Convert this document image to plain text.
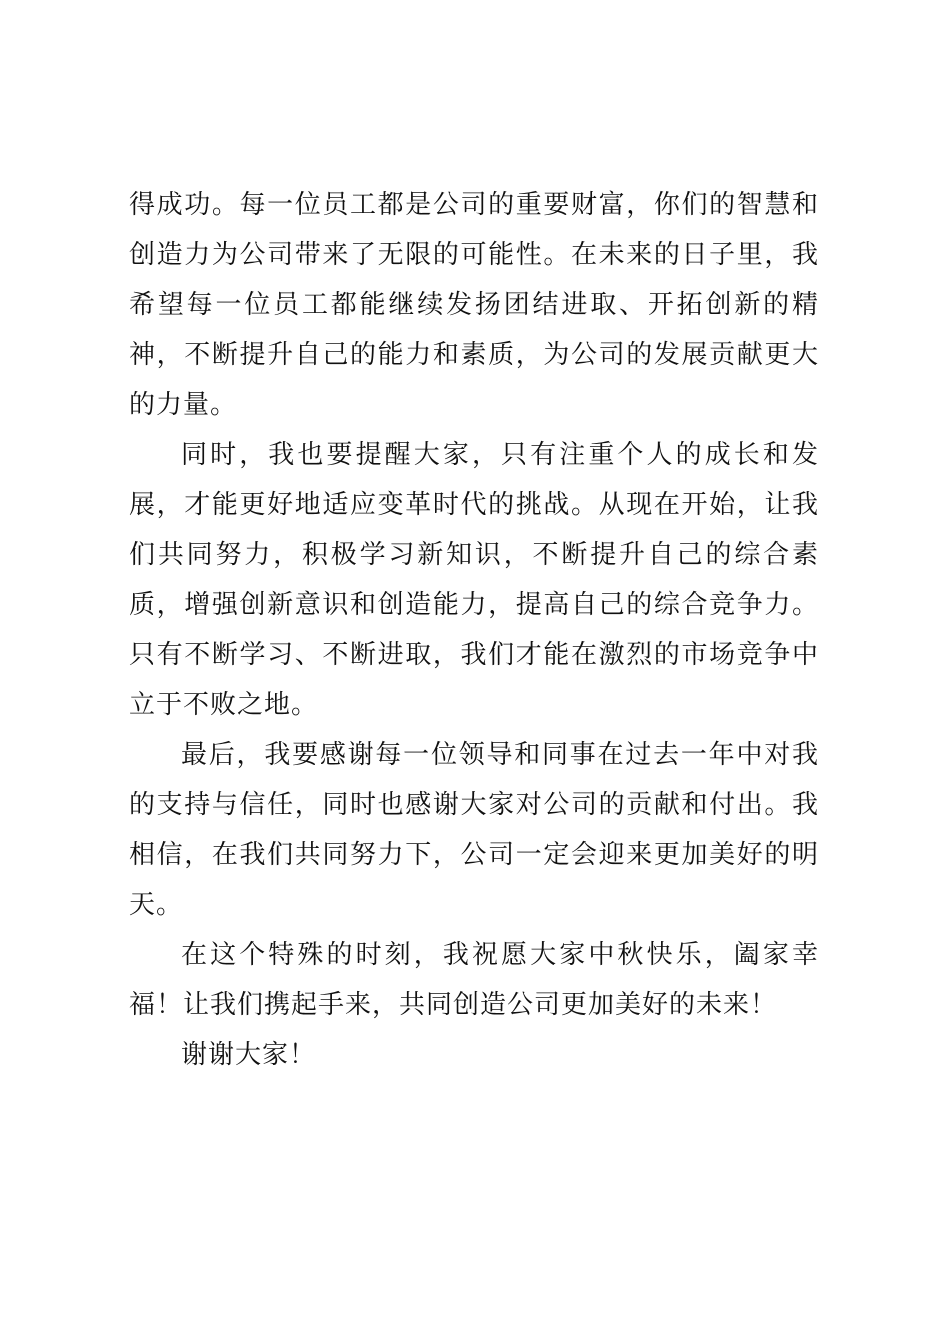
得成功。每一位员工都是公司的重要财富，你们的智慧和创造力为公司带来了无限的可能性。在未来的日子里，我希望每一位员工都能继续发扬团结进取、开拓创新的精神，不断提升自己的能力和素质，为公司的发展贡献更大的力量。

同时，我也要提醒大家，只有注重个人的成长和发展，才能更好地适应变革时代的挑战。从现在开始，让我们共同努力，积极学习新知识，不断提升自己的综合素质，增强创新意识和创造能力，提高自己的综合竞争力。只有不断学习、不断进取，我们才能在激烈的市场竞争中立于不败之地。

最后，我要感谢每一位领导和同事在过去一年中对我的支持与信任，同时也感谢大家对公司的贡献和付出。我相信，在我们共同努力下，公司一定会迎来更加美好的明天。

在这个特殊的时刻，我祝愿大家中秋快乐，阖家幸福！让我们携起手来，共同创造公司更加美好的未来！

谢谢大家！
